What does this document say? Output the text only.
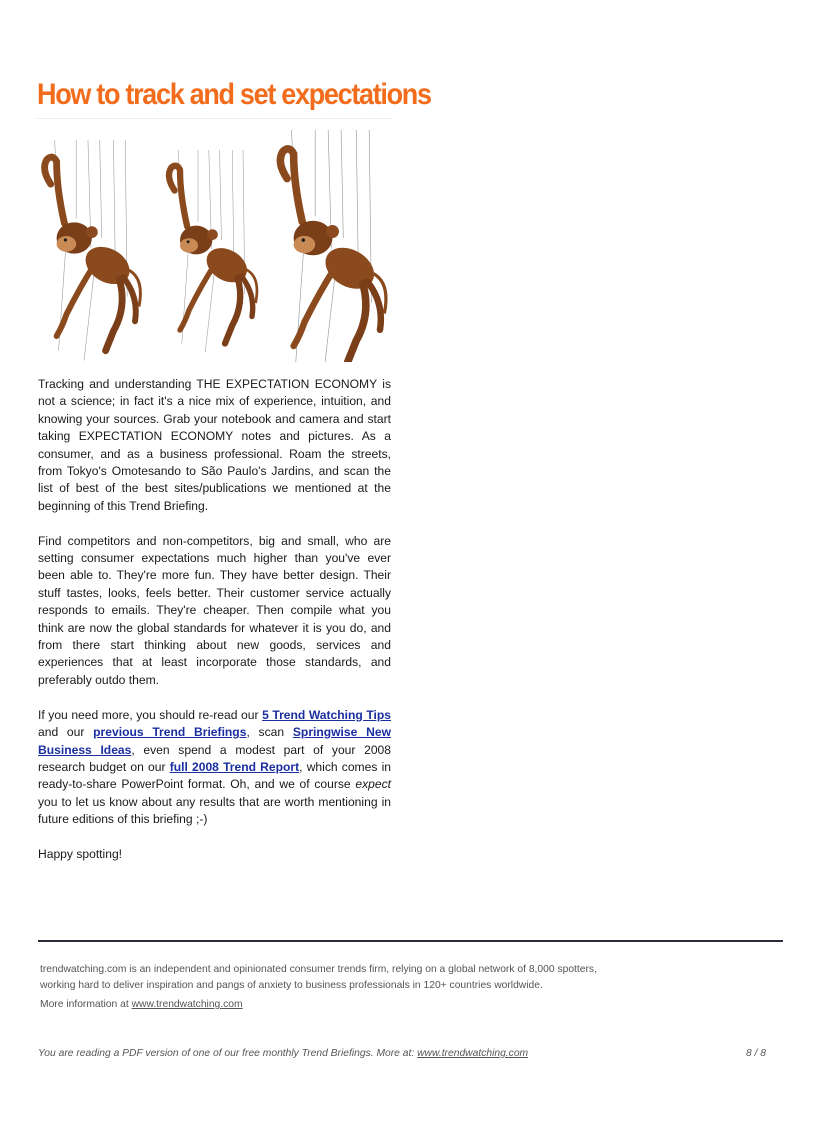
How to track and set expectations

Tracking and understanding THE EXPECTATION ECONOMY is not a science; in fact it's a nice mix of experience, intuition, and knowing your sources. Grab your notebook and camera and start taking EXPECTATION ECONOMY notes and pictures. As a consumer, and as a business professional. Roam the streets, from Tokyo's Omotesando to São Paulo's Jardins, and scan the list of best of the best sites/publications we mentioned at the beginning of this Trend Briefing.

Find competitors and non-competitors, big and small, who are setting consumer expectations much higher than you've ever been able to. They're more fun. They have better design. Their stuff tastes, looks, feels better. Their customer service actually responds to emails. They're cheaper. Then compile what you think are now the global standards for whatever it is you do, and from there start thinking about new goods, services and experiences that at least incorporate those standards, and preferably outdo them.

If you need more, you should re-read our 5 Trend Watching Tips and our previous Trend Briefings, scan Springwise New Business Ideas, even spend a modest part of your 2008 research budget on our full 2008 Trend Report, which comes in ready-to-share PowerPoint format. Oh, and we of course expect you to let us know about any results that are worth mentioning in future editions of this briefing ;-)

Happy spotting!

trendwatching.com is an independent and opinionated consumer trends firm, relying on a global network of 8,000 spotters,
working hard to deliver inspiration and pangs of anxiety to business professionals in 120+ countries worldwide.
More information at www.trendwatching.com
You are reading a PDF version of one of our free monthly Trend Briefings. More at: www.trendwatching.com	8 / 8
